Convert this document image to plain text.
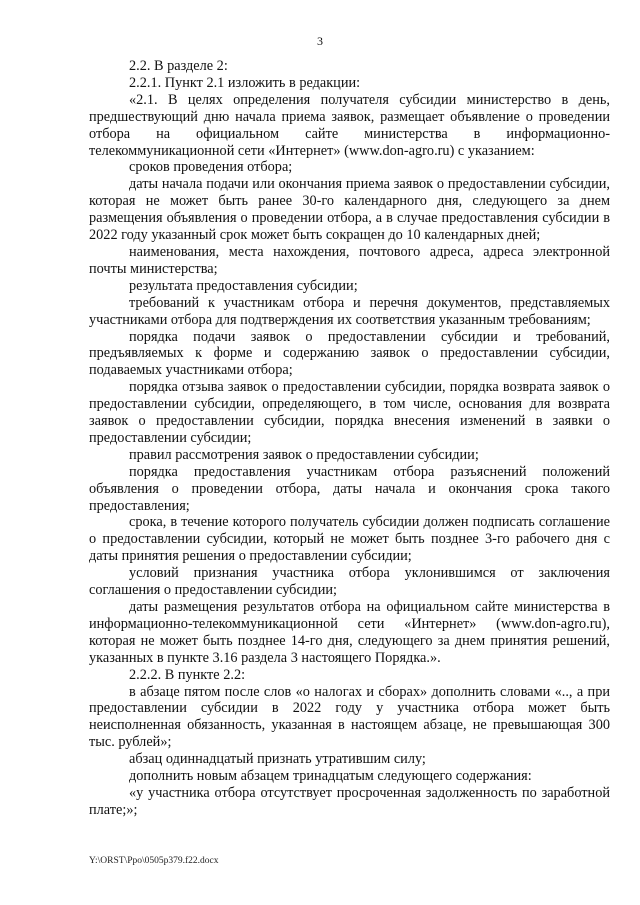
3

2.2. В разделе 2:

2.2.1. Пункт 2.1 изложить в редакции:

«2.1. В целях определения получателя субсидии министерство в день, предшествующий дню начала приема заявок, размещает объявление о проведении отбора на официальном сайте министерства в информационно-телекоммуникационной сети «Интернет» (www.don-agro.ru) с указанием:

сроков проведения отбора;

даты начала подачи или окончания приема заявок о предоставлении субсидии, которая не может быть ранее 30-го календарного дня, следующего за днем размещения объявления о проведении отбора, а в случае предоставления субсидии в 2022 году указанный срок может быть сокращен до 10 календарных дней;

наименования, места нахождения, почтового адреса, адреса электронной почты министерства;

результата предоставления субсидии;

требований к участникам отбора и перечня документов, представляемых участниками отбора для подтверждения их соответствия указанным требованиям;

порядка подачи заявок о предоставлении субсидии и требований, предъявляемых к форме и содержанию заявок о предоставлении субсидии, подаваемых участниками отбора;

порядка отзыва заявок о предоставлении субсидии, порядка возврата заявок о предоставлении субсидии, определяющего, в том числе, основания для возврата заявок о предоставлении субсидии, порядка внесения изменений в заявки о предоставлении субсидии;

правил рассмотрения заявок о предоставлении субсидии;

порядка предоставления участникам отбора разъяснений положений объявления о проведении отбора, даты начала и окончания срока такого предоставления;

срока, в течение которого получатель субсидии должен подписать соглашение о предоставлении субсидии, который не может быть позднее 3-го рабочего дня с даты принятия решения о предоставлении субсидии;

условий признания участника отбора уклонившимся от заключения соглашения о предоставлении субсидии;

даты размещения результатов отбора на официальном сайте министерства в информационно-телекоммуникационной сети «Интернет» (www.don-agro.ru), которая не может быть позднее 14-го дня, следующего за днем принятия решений, указанных в пункте 3.16 раздела 3 настоящего Порядка.».

2.2.2. В пункте 2.2:

в абзаце пятом после слов «о налогах и сборах» дополнить словами «.., а при предоставлении субсидии в 2022 году у участника отбора может быть неисполненная обязанность, указанная в настоящем абзаце, не превышающая 300 тыс. рублей»;

абзац одиннадцатый признать утратившим силу;

дополнить новым абзацем тринадцатым следующего содержания:

«у участника отбора отсутствует просроченная задолженность по заработной плате;»;

Y:\ORST\Ppo\0505p379.f22.docx
